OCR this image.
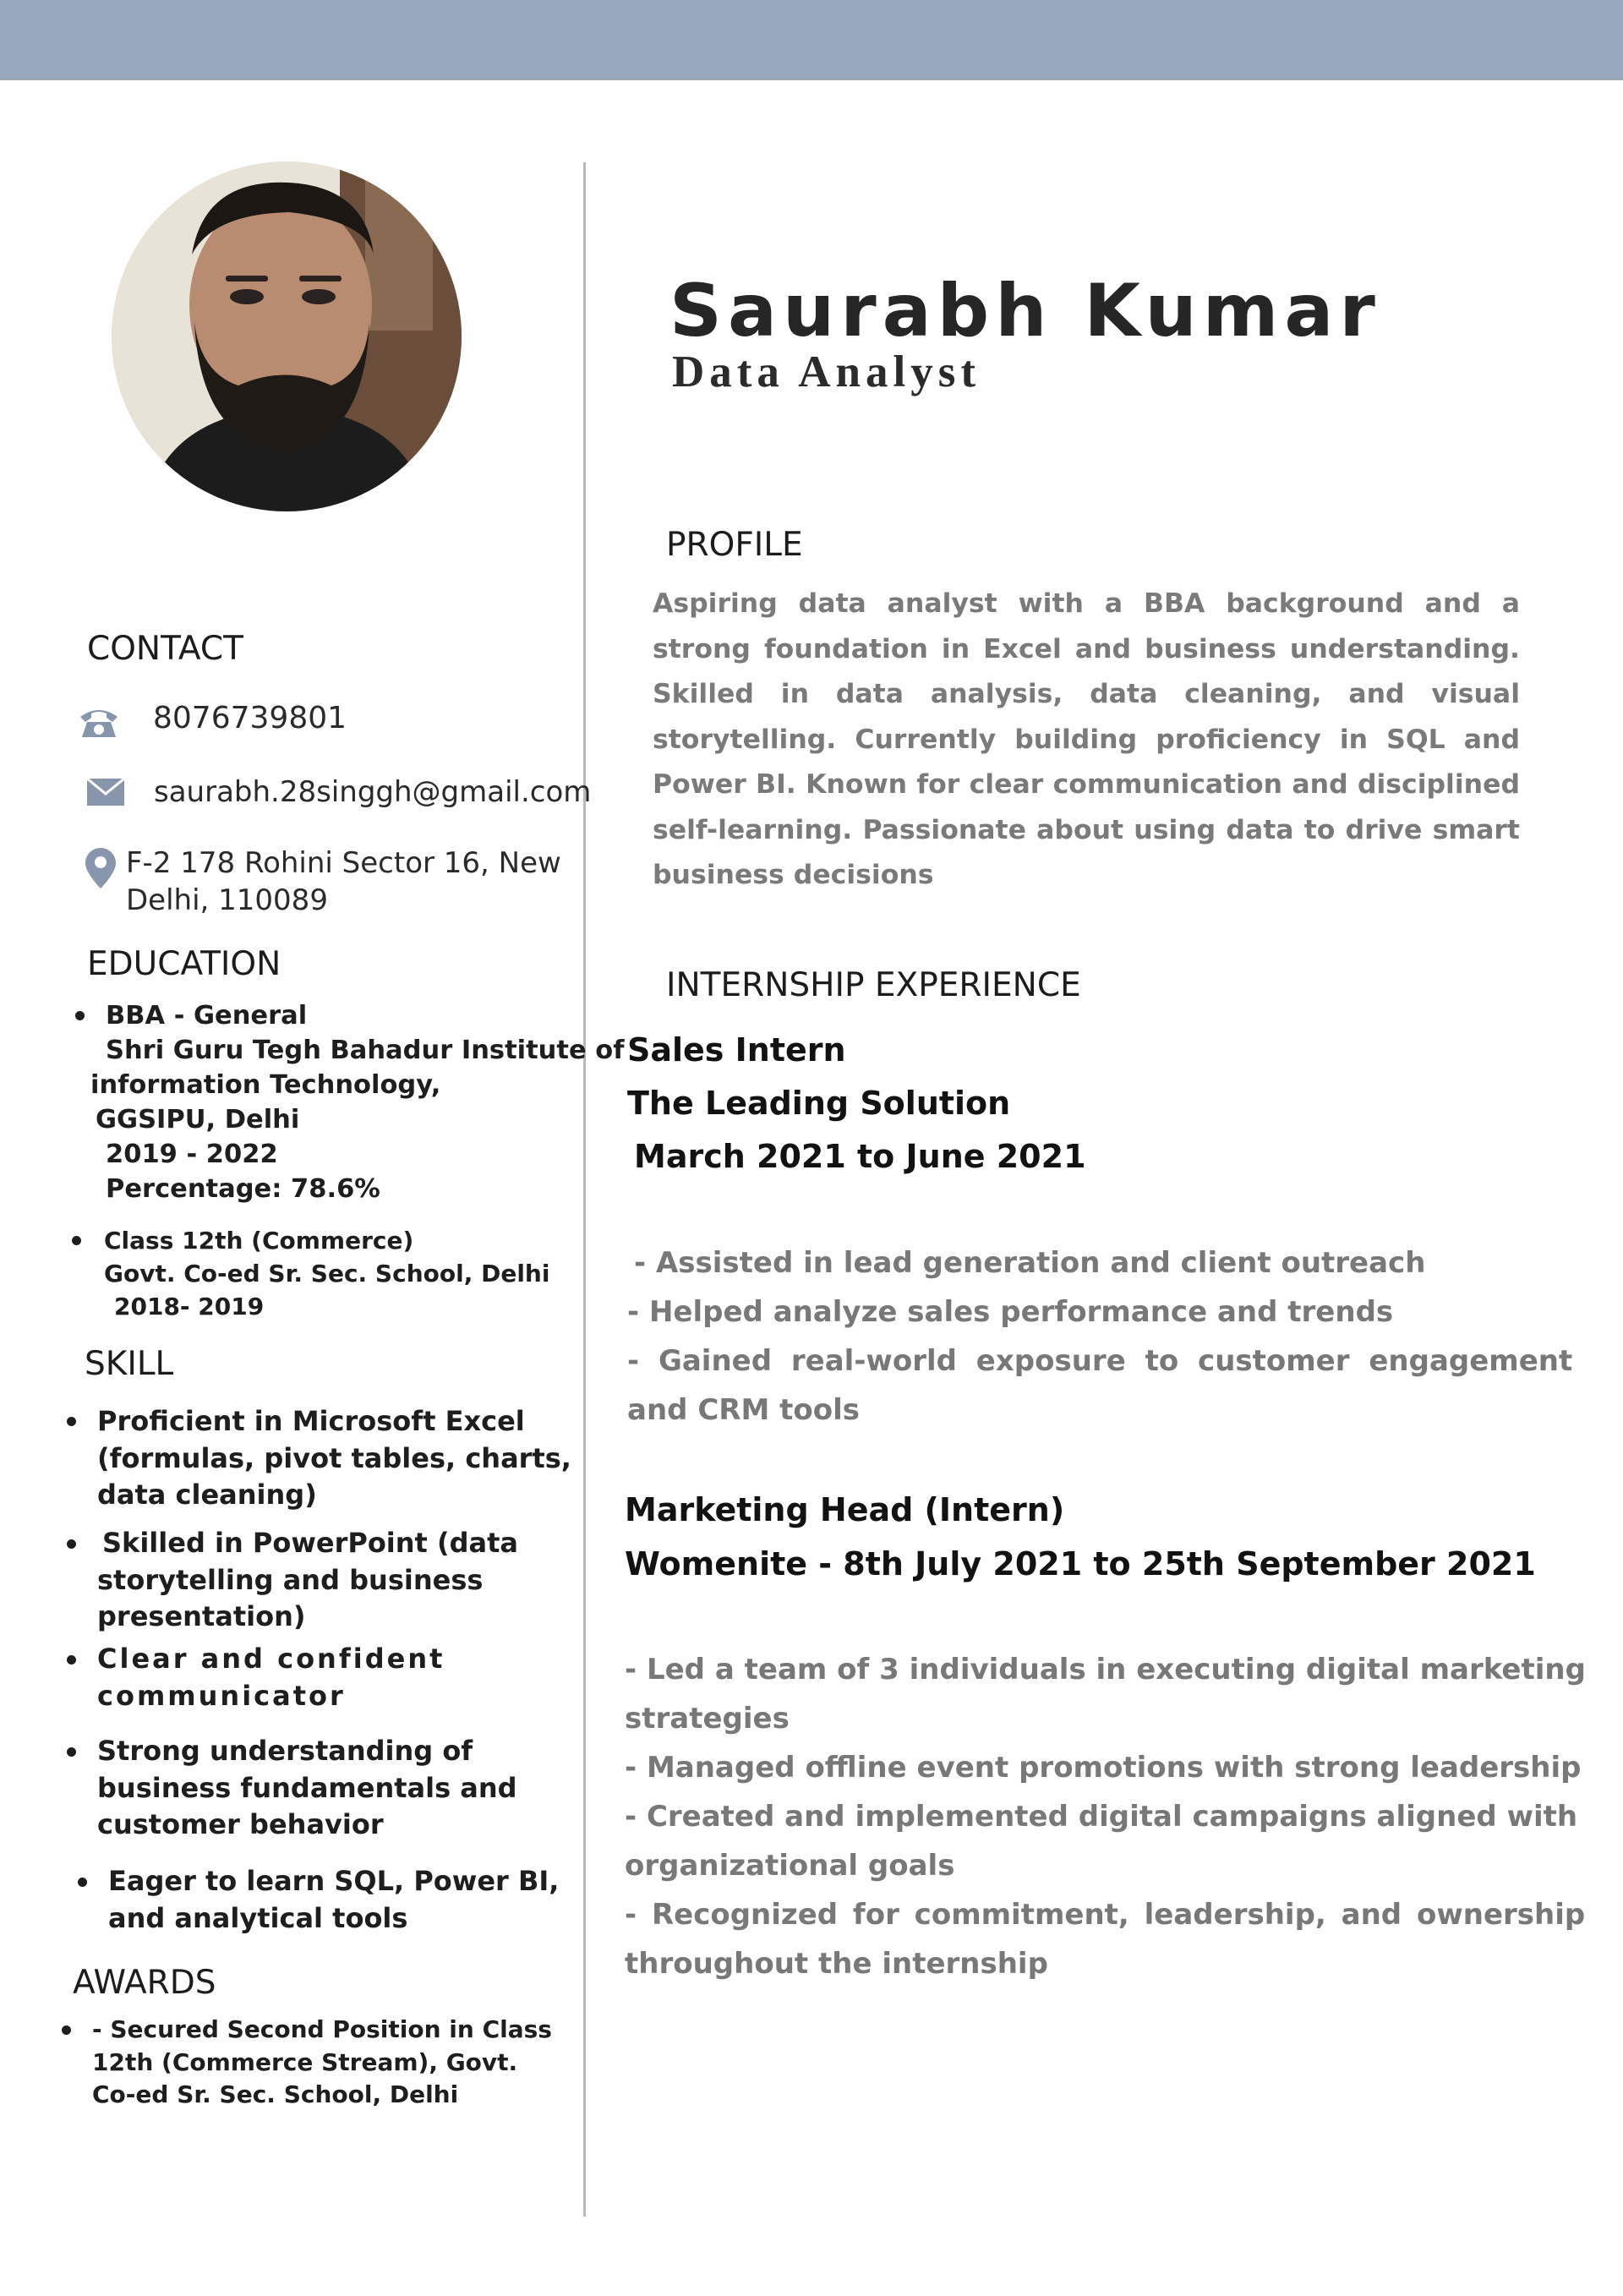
Saurabh Kumar
Data Analyst
CONTACT
8076739801
saurabh.28singgh@gmail.com
F-2 178 Rohini Sector 16, New
Delhi, 110089
EDUCATION
BBA - General
Shri Guru Tegh Bahadur Institute of
information Technology,
GGSIPU, Delhi
2019 - 2022
Percentage: 78.6%
Class 12th (Commerce)
Govt. Co-ed Sr. Sec. School, Delhi
2018- 2019
SKILL
Proficient in Microsoft Excel
(formulas, pivot tables, charts,
data cleaning)
Skilled in PowerPoint (data
storytelling and business
presentation)
Clear and confident
communicator
Strong understanding of
business fundamentals and
customer behavior
Eager to learn SQL, Power BI,
and analytical tools
AWARDS
- Secured Second Position in Class
12th (Commerce Stream), Govt.
Co-ed Sr. Sec. School, Delhi
PROFILE
Aspiring data analyst with a BBA background and a strong foundation in Excel and business understanding. Skilled in data analysis, data cleaning, and visual storytelling. Currently building proficiency in SQL and Power BI. Known for clear communication and disciplined self-learning. Passionate about using data to drive smart business decisions
INTERNSHIP EXPERIENCE
Sales Intern
The Leading Solution
March 2021 to June 2021
- Assisted in lead generation and client outreach
- Helped analyze sales performance and trends
- Gained real-world exposure to customer engagement
and CRM tools
Marketing Head (Intern)
Womenite - 8th July 2021 to 25th September 2021
- Led a team of 3 individuals in executing digital marketing
strategies
- Managed offline event promotions with strong leadership
- Created and implemented digital campaigns aligned with
organizational goals
- Recognized for commitment, leadership, and ownership
throughout the internship
